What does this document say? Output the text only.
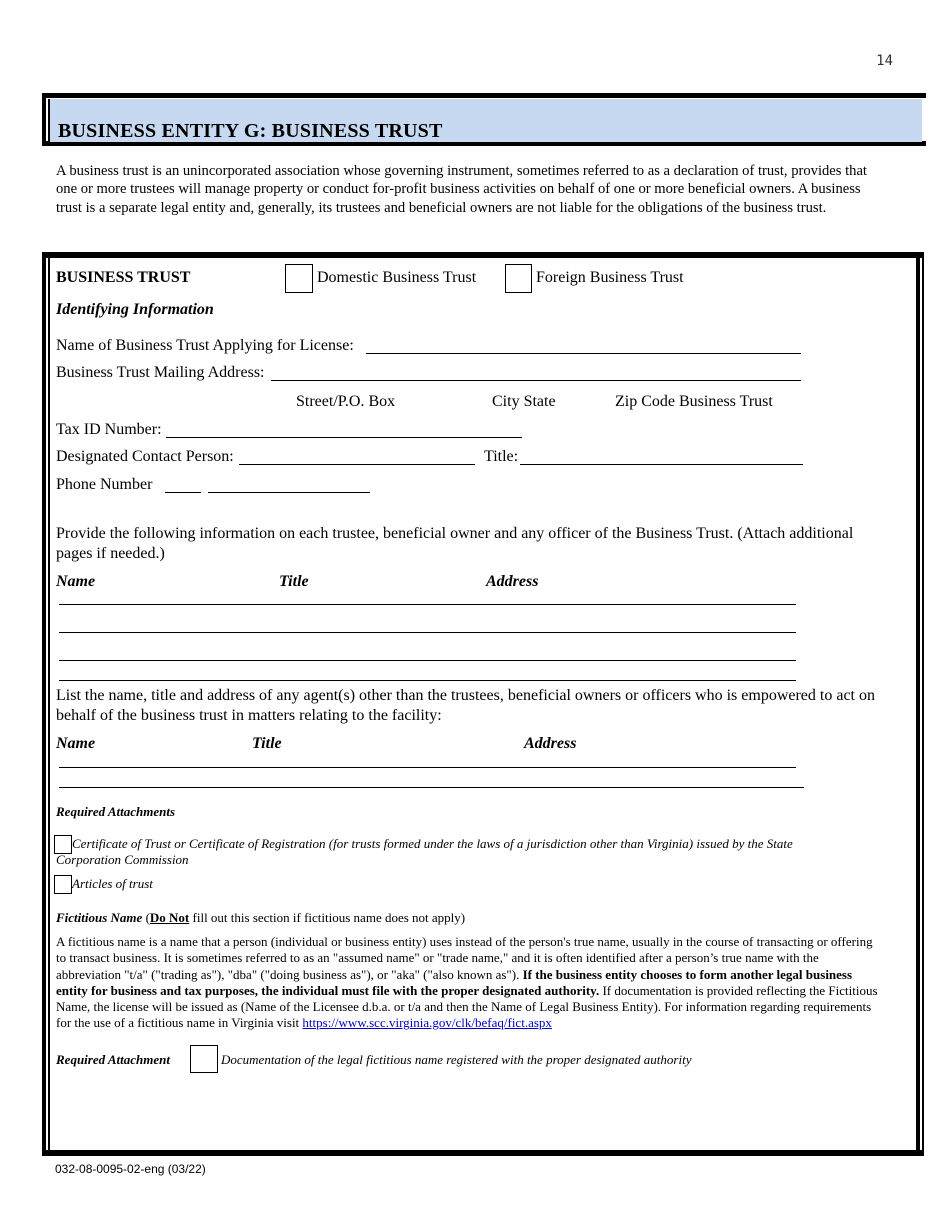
14
BUSINESS ENTITY G: BUSINESS TRUST
A business trust is an unincorporated association whose governing instrument, sometimes referred to as a declaration of trust, provides that one or more trustees will manage property or conduct for-profit business activities on behalf of one or more beneficial owners. A business trust is a separate legal entity and, generally, its trustees and beneficial owners are not liable for the obligations of the business trust.
BUSINESS TRUST	Domestic Business Trust	Foreign Business Trust
Identifying Information
Name of Business Trust Applying for License:
Business Trust Mailing Address:
Street/P.O. Box	City State	Zip Code Business Trust
Tax ID Number:
Designated Contact Person:	Title:
Phone Number
Provide the following information on each trustee, beneficial owner and any officer of the Business Trust. (Attach additional pages if needed.)
Name	Title	Address
List the name, title and address of any agent(s) other than the trustees, beneficial owners or officers who is empowered to act on behalf of the business trust in matters relating to the facility:
Name	Title	Address
Required Attachments
Certificate of Trust or Certificate of Registration (for trusts formed under the laws of a jurisdiction other than Virginia) issued by the State Corporation Commission
Articles of trust
Fictitious Name (Do Not fill out this section if fictitious name does not apply)
A fictitious name is a name that a person (individual or business entity) uses instead of the person's true name, usually in the course of transacting or offering to transact business. It is sometimes referred to as an "assumed name" or "trade name," and it is often identified after a person’s true name with the abbreviation "t/a" ("trading as"), "dba" ("doing business as"), or "aka" ("also known as"). If the business entity chooses to form another legal business entity for business and tax purposes, the individual must file with the proper designated authority. If documentation is provided reflecting the Fictitious Name, the license will be issued as (Name of the Licensee d.b.a. or t/a and then the Name of Legal Business Entity). For information regarding requirements for the use of a fictitious name in Virginia visit https://www.scc.virginia.gov/clk/befaq/fict.aspx
Required Attachment	Documentation of the legal fictitious name registered with the proper designated authority
032-08-0095-02-eng (03/22)
